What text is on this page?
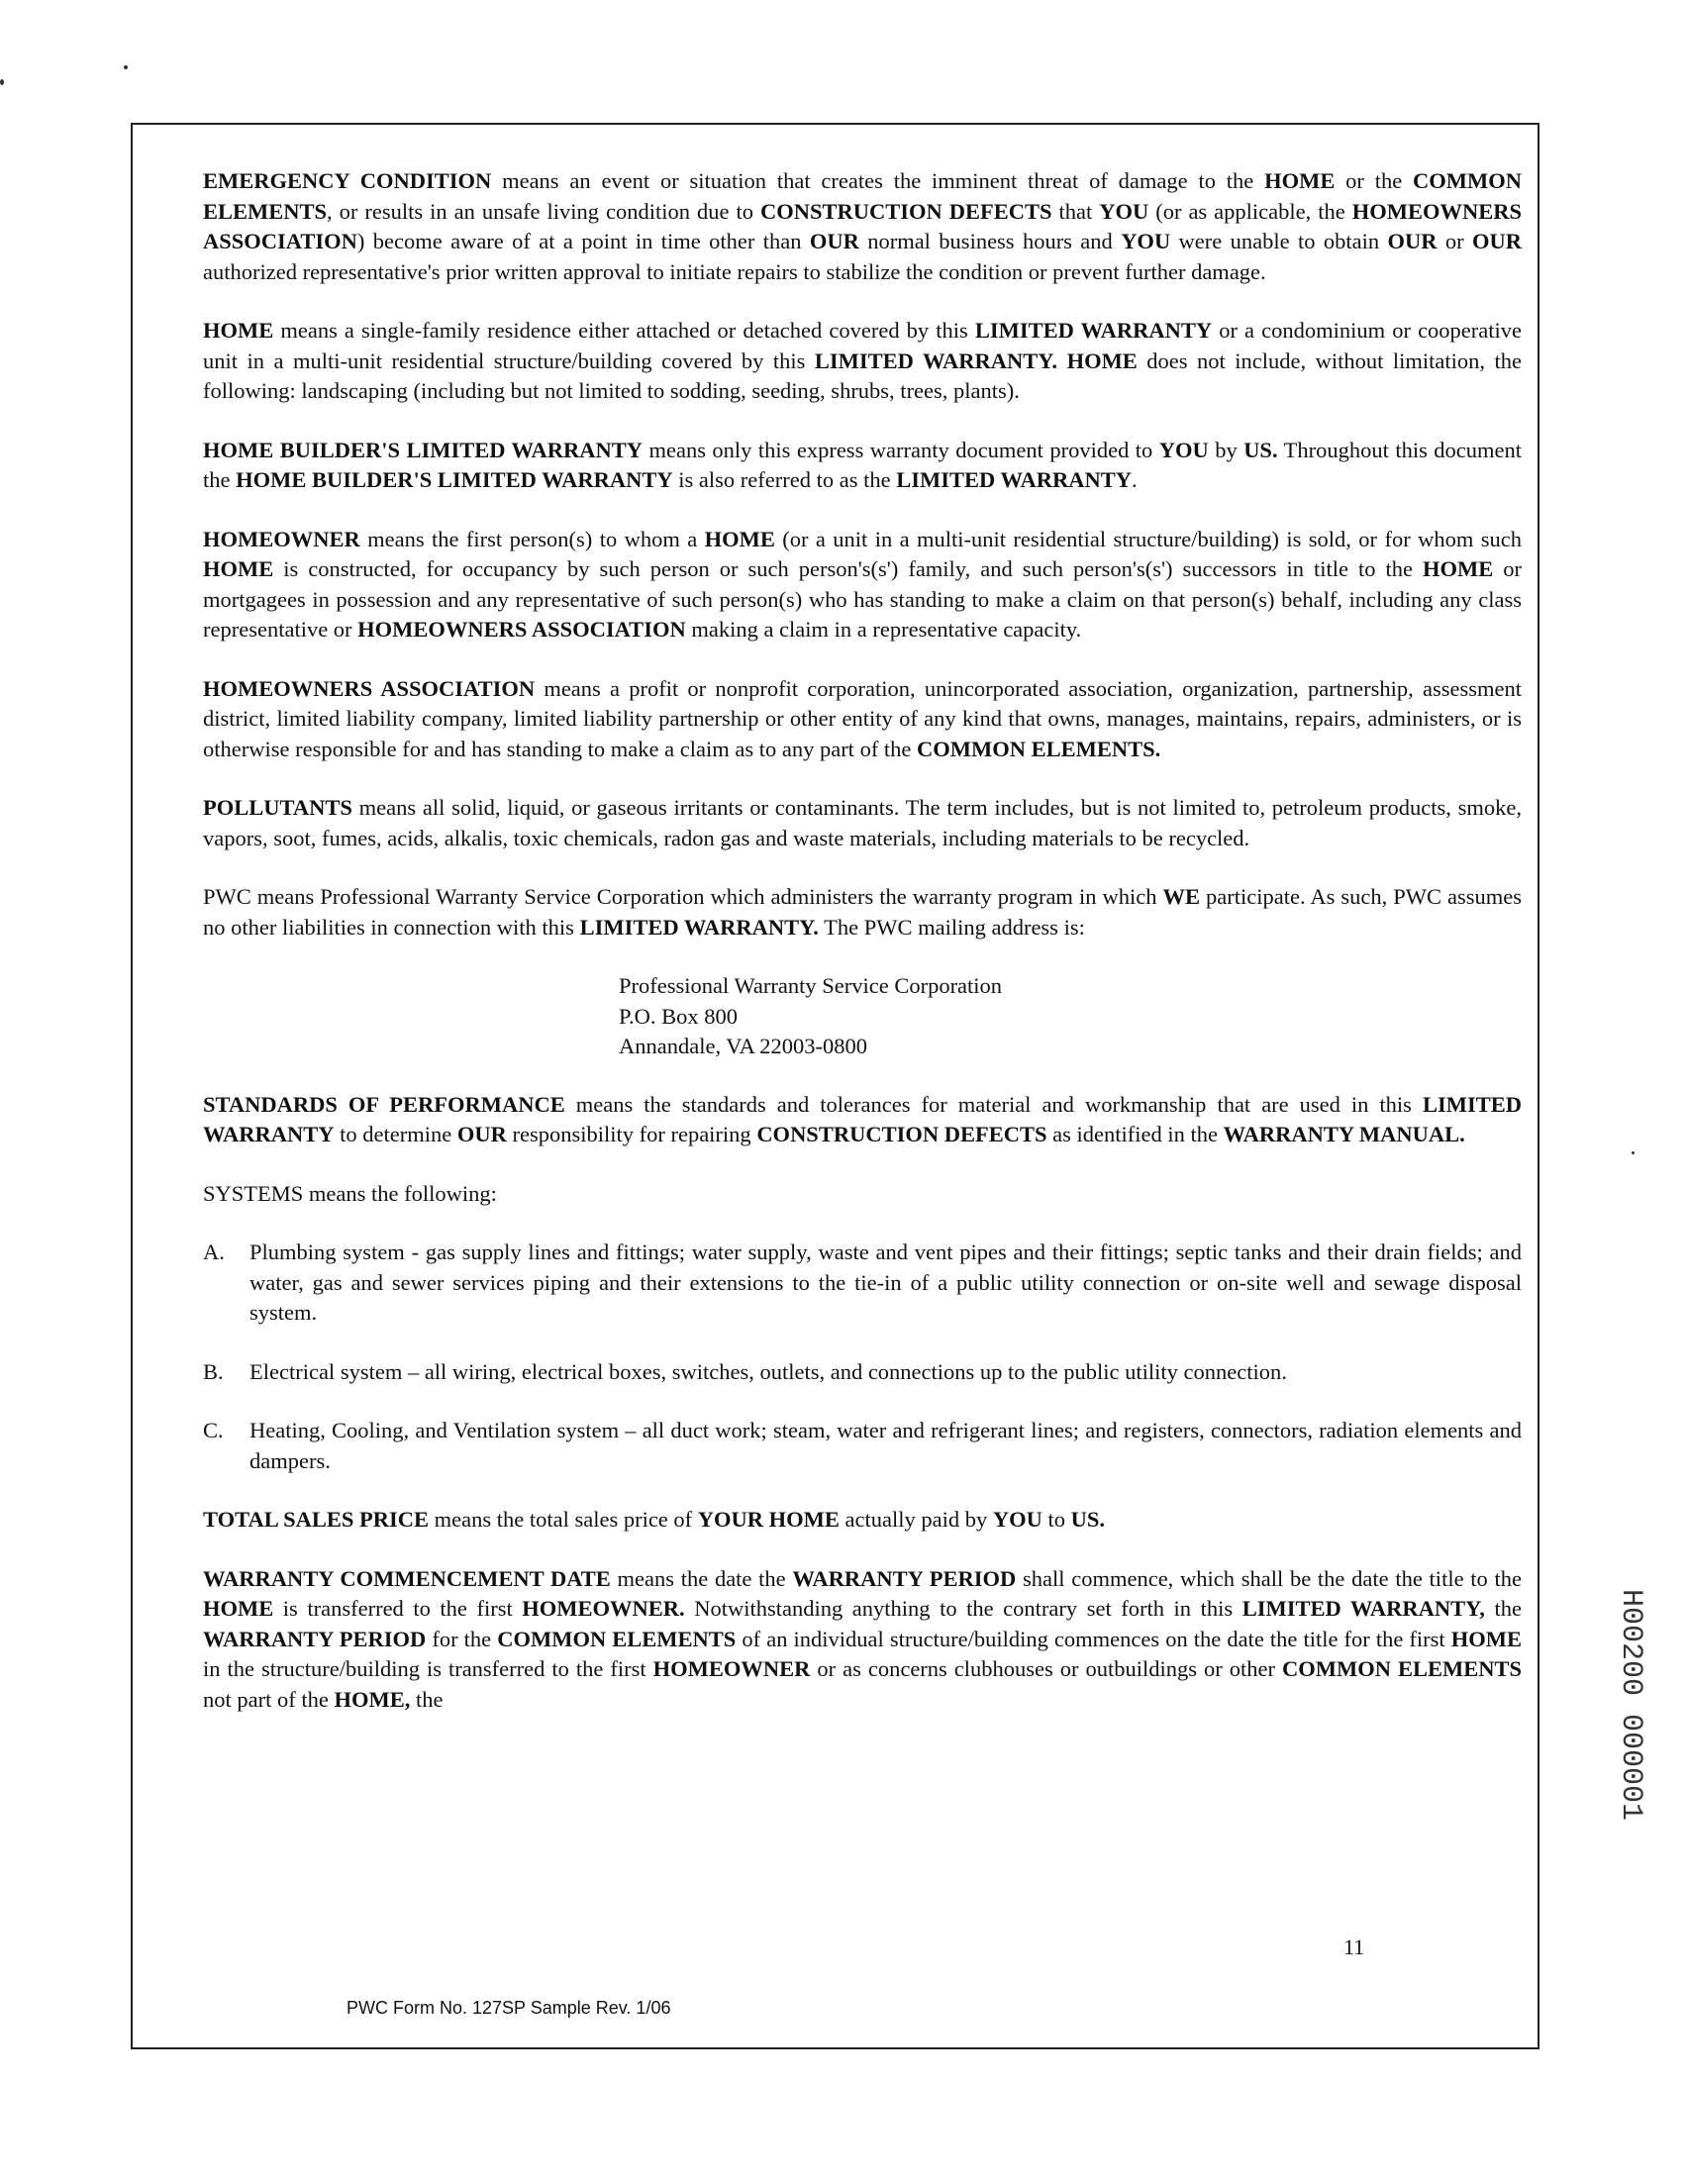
EMERGENCY CONDITION means an event or situation that creates the imminent threat of damage to the HOME or the COMMON ELEMENTS, or results in an unsafe living condition due to CONSTRUCTION DEFECTS that YOU (or as applicable, the HOMEOWNERS ASSOCIATION) become aware of at a point in time other than OUR normal business hours and YOU were unable to obtain OUR or OUR authorized representative's prior written approval to initiate repairs to stabilize the condition or prevent further damage.

HOME means a single-family residence either attached or detached covered by this LIMITED WARRANTY or a condominium or cooperative unit in a multi-unit residential structure/building covered by this LIMITED WARRANTY. HOME does not include, without limitation, the following: landscaping (including but not limited to sodding, seeding, shrubs, trees, plants).

HOME BUILDER'S LIMITED WARRANTY means only this express warranty document provided to YOU by US. Throughout this document the HOME BUILDER'S LIMITED WARRANTY is also referred to as the LIMITED WARRANTY.

HOMEOWNER means the first person(s) to whom a HOME (or a unit in a multi-unit residential structure/building) is sold, or for whom such HOME is constructed, for occupancy by such person or such person's(s') family, and such person's(s') successors in title to the HOME or mortgagees in possession and any representative of such person(s) who has standing to make a claim on that person(s) behalf, including any class representative or HOMEOWNERS ASSOCIATION making a claim in a representative capacity.

HOMEOWNERS ASSOCIATION means a profit or nonprofit corporation, unincorporated association, organization, partnership, assessment district, limited liability company, limited liability partnership or other entity of any kind that owns, manages, maintains, repairs, administers, or is otherwise responsible for and has standing to make a claim as to any part of the COMMON ELEMENTS.

POLLUTANTS means all solid, liquid, or gaseous irritants or contaminants. The term includes, but is not limited to, petroleum products, smoke, vapors, soot, fumes, acids, alkalis, toxic chemicals, radon gas and waste materials, including materials to be recycled.

PWC means Professional Warranty Service Corporation which administers the warranty program in which WE participate. As such, PWC assumes no other liabilities in connection with this LIMITED WARRANTY. The PWC mailing address is:

Professional Warranty Service Corporation
P.O. Box 800
Annandale, VA 22003-0800

STANDARDS OF PERFORMANCE means the standards and tolerances for material and workmanship that are used in this LIMITED WARRANTY to determine OUR responsibility for repairing CONSTRUCTION DEFECTS as identified in the WARRANTY MANUAL.

SYSTEMS means the following:

A.	Plumbing system - gas supply lines and fittings; water supply, waste and vent pipes and their fittings; septic tanks and their drain fields; and water, gas and sewer services piping and their extensions to the tie-in of a public utility connection or on-site well and sewage disposal system.
B.	Electrical system – all wiring, electrical boxes, switches, outlets, and connections up to the public utility connection.
C.	Heating, Cooling, and Ventilation system – all duct work; steam, water and refrigerant lines; and registers, connectors, radiation elements and dampers.

TOTAL SALES PRICE means the total sales price of YOUR HOME actually paid by YOU to US.

WARRANTY COMMENCEMENT DATE means the date the WARRANTY PERIOD shall commence, which shall be the date the title to the HOME is transferred to the first HOMEOWNER. Notwithstanding anything to the contrary set forth in this LIMITED WARRANTY, the WARRANTY PERIOD for the COMMON ELEMENTS of an individual structure/building commences on the date the title for the first HOME in the structure/building is transferred to the first HOMEOWNER or as concerns clubhouses or outbuildings or other COMMON ELEMENTS not part of the HOME, the

11
PWC Form No. 127SP Sample Rev. 1/06
H00200 000001
